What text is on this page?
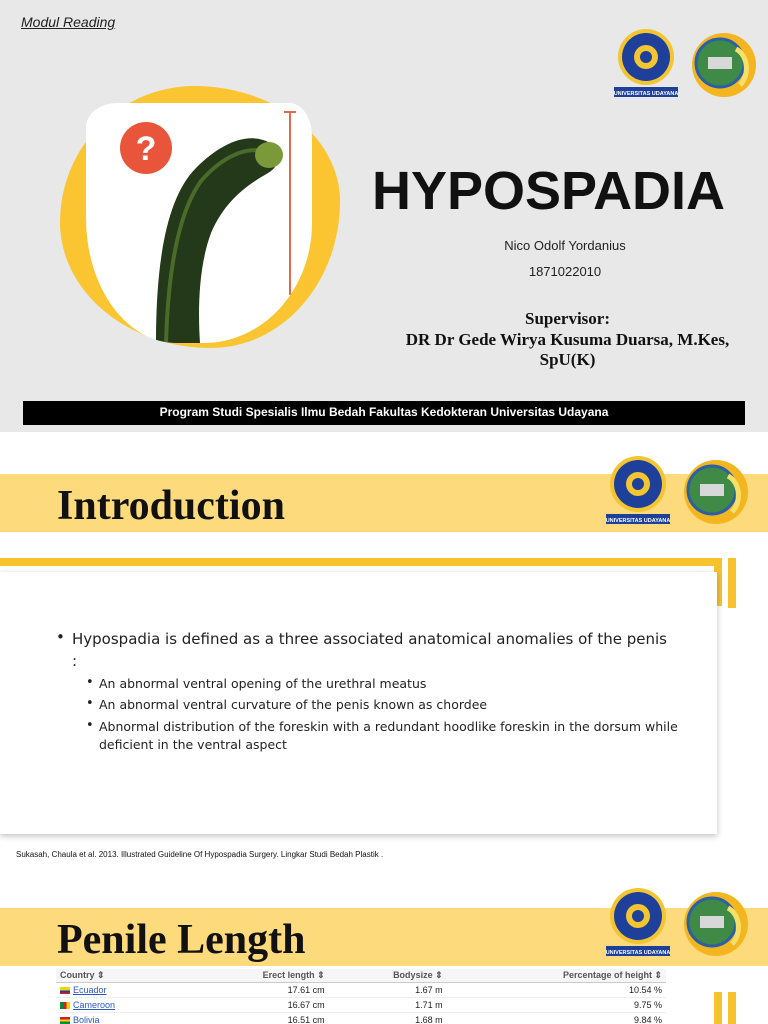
Modul Reading
?
HYPOSPADIA
Nico Odolf Yordanius
1871022010
Supervisor:
DR Dr Gede Wirya Kusuma Duarsa, M.Kes,
SpU(K)
Program Studi Spesialis Ilmu Bedah Fakultas Kedokteran Universitas Udayana
UNIVERSITAS UDAYANA
Introduction	UNIVERSITAS UDAYANA
• Hypospadia is defined as a three associated anatomical anomalies of the penis :
• An abnormal ventral opening of the urethral meatus
• An abnormal ventral curvature of the penis known as chordee
• Abnormal distribution of the foreskin with a redundant hoodlike foreskin in the dorsum while deficient in the ventral aspect
Sukasah, Chaula et al. 2013. Illustrated Guideline Of Hypospadia Surgery. Lingkar Studi Bedah Plastik .
Penile Length	UNIVERSITAS UDAYANA
Country ⇕	Erect length ⇕	Bodysize ⇕	Percentage of height ⇕
Ecuador	17.61 cm	1.67 m	10.54 %
Cameroon	16.67 cm	1.71 m	9.75 %
Bolivia	16.51 cm	1.68 m	9.84 %
